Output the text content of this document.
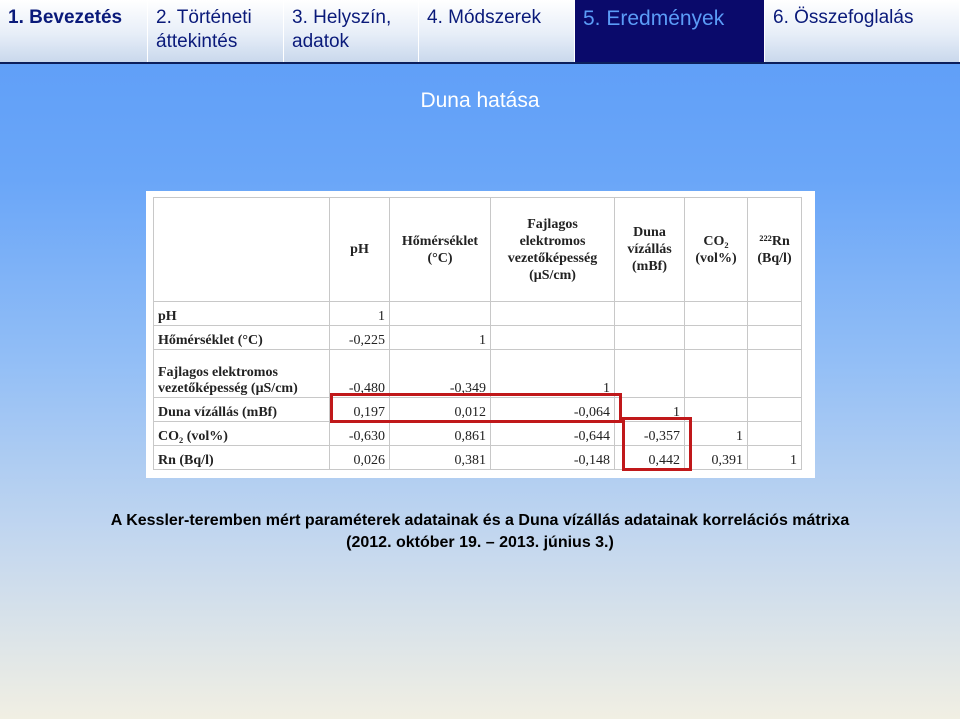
1. Bevezetés	2. Történeti áttekintés
3. Helyszín, adatok
4. Módszerek	5. Eredmények	6. Összefoglalás
Duna hatása
	pH	Hőmérséklet (°C)	Fajlagos elektromos vezetőképesség (μS/cm)	Duna vízállás (mBf)	CO₂ (vol%)	²²²Rn (Bq/l)
pH	1					
Hőmérséklet (°C)	-0,225	1				
Fajlagos elektromos vezetőképesség (μS/cm)	-0,480	-0,349	1			
Duna vízállás (mBf)	0,197	0,012	-0,064	1		
CO₂ (vol%)	-0,630	0,861	-0,644	-0,357	1	
Rn (Bq/l)	0,026	0,381	-0,148	0,442	0,391	1
A Kessler-teremben mért paraméterek adatainak és a Duna vízállás adatainak korrelációs mátrixa
(2012. október 19. – 2013. június 3.)
